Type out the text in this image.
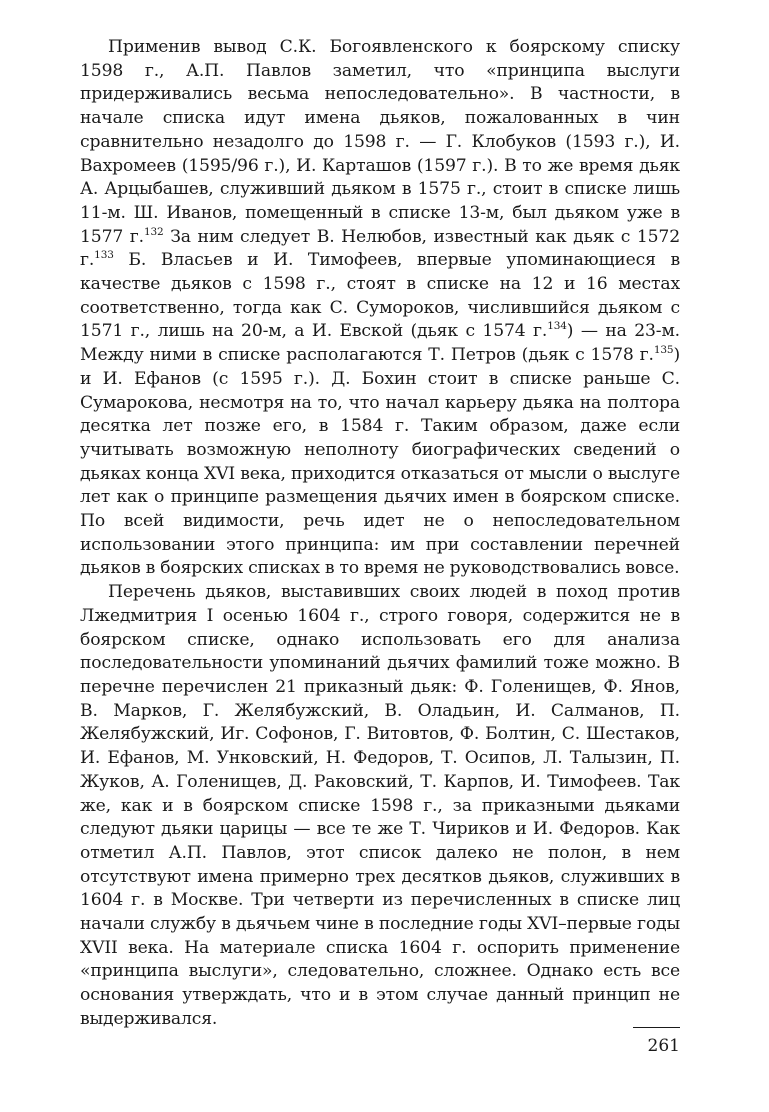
Применив вывод С.К. Богоявленского к боярскому списку 1598 г., А.П. Павлов заметил, что «принципа выслуги придерживались весьма непоследовательно». В частности, в начале списка идут имена дьяков, пожалованных в чин сравнительно незадолго до 1598 г. — Г. Клобуков (1593 г.), И. Вахромеев (1595/96 г.), И. Карташов (1597 г.). В то же время дьяк А. Арцыбашев, служивший дьяком в 1575 г., стоит в списке лишь 11-м. Ш. Иванов, помещенный в списке 13-м, был дьяком уже в 1577 г.$^{132}$ За ним следует В. Нелюбов, известный как дьяк с 1572 г.$^{133}$ Б. Власьев и И. Тимофеев, впервые упоминающиеся в качестве дьяков с 1598 г., стоят в списке на 12 и 16 местах соответственно, тогда как С. Сумороков, числившийся дьяком с 1571 г., лишь на 20-м, а И. Евской (дьяк с 1574 г.$^{134}$) — на 23-м. Между ними в списке располагаются Т. Петров (дьяк с 1578 г.$^{135}$) и И. Ефанов (с 1595 г.). Д. Бохин стоит в списке раньше С. Сумарокова, несмотря на то, что начал карьеру дьяка на полтора десятка лет позже его, в 1584 г. Таким образом, даже если учитывать возможную неполноту биографических сведений о дьяках конца XVI века, приходится отказаться от мысли о выслуге лет как о принципе размещения дьячих имен в боярском списке. По всей видимости, речь идет не о непоследовательном использовании этого принципа: им при составлении перечней дьяков в боярских списках в то время не руководствовались вовсе.

Перечень дьяков, выставивших своих людей в поход против Лжедмитрия I осенью 1604 г., строго говоря, содержится не в боярском списке, однако использовать его для анализа последовательности упоминаний дьячих фамилий тоже можно. В перечне перечислен 21 приказный дьяк: Ф. Голенищев, Ф. Янов, В. Марков, Г. Желябужский, В. Оладьин, И. Салманов, П. Желябужский, Иг. Софонов, Г. Витовтов, Ф. Болтин, С. Шестаков, И. Ефанов, М. Унковский, Н. Федоров, Т. Осипов, Л. Талызин, П. Жуков, А. Голенищев, Д. Раковский, Т. Карпов, И. Тимофеев. Так же, как и в боярском списке 1598 г., за приказными дьяками следуют дьяки царицы — все те же Т. Чириков и И. Федоров. Как отметил А.П. Павлов, этот список далеко не полон, в нем отсутствуют имена примерно трех десятков дьяков, служивших в 1604 г. в Москве. Три четверти из перечисленных в списке лиц начали службу в дьячьем чине в последние годы XVI–первые годы XVII века. На материале списка 1604 г. оспорить применение «принципа выслуги», следовательно, сложнее. Однако есть все основания утверждать, что и в этом случае данный принцип не выдерживался.

261
